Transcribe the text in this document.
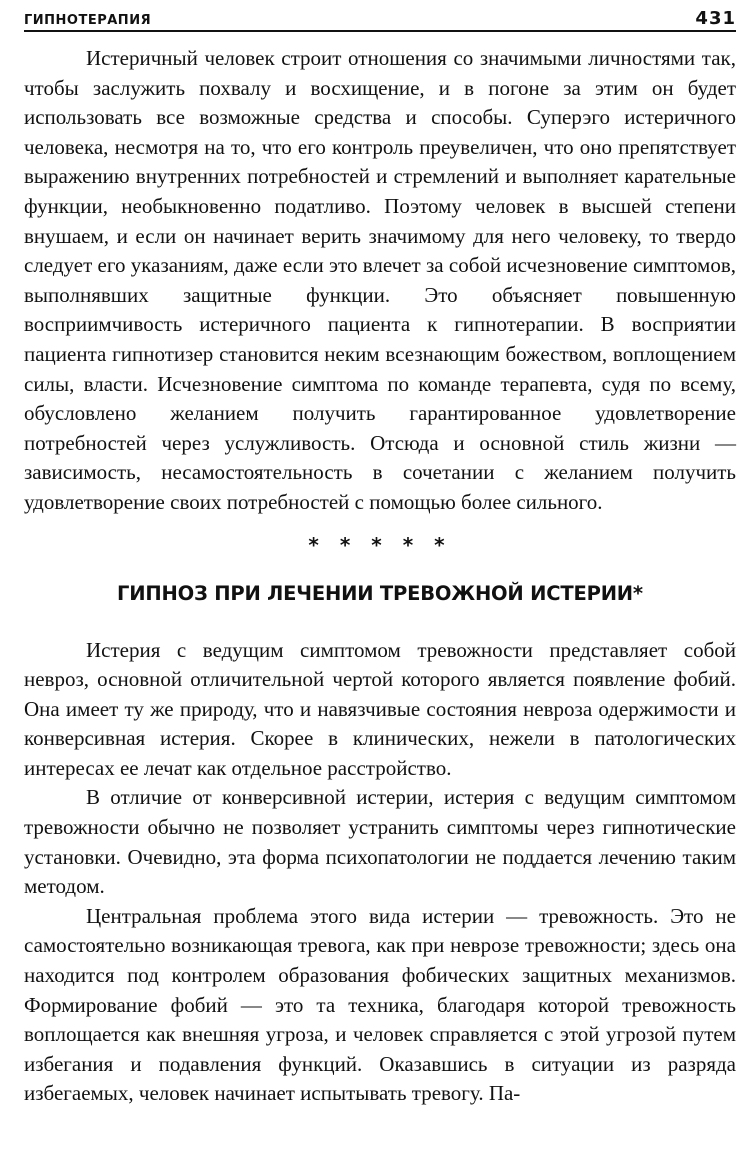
ГИПНОТЕРАПИЯ	431

Истеричный человек строит отношения со значимыми личностями так, чтобы заслужить похвалу и восхищение, и в погоне за этим он будет использовать все возможные средства и способы. Суперэго истеричного человека, несмотря на то, что его контроль преувеличен, что оно препятствует выражению внутренних потребностей и стремлений и выполняет карательные функции, необыкновенно податливо. Поэтому человек в высшей степени внушаем, и если он начинает верить значимому для него человеку, то твердо следует его указаниям, даже если это влечет за собой исчезновение симптомов, выполнявших защитные функции. Это объясняет повышенную восприимчивость истеричного пациента к гипнотерапии. В восприятии пациента гипнотизер становится неким всезнающим божеством, воплощением силы, власти. Исчезновение симптома по команде терапевта, судя по всему, обусловлено желанием получить гарантированное удовлетворение потребностей через услужливость. Отсюда и основной стиль жизни — зависимость, несамостоятельность в сочетании с желанием получить удовлетворение своих потребностей с помощью более сильного.

* * * * *
ГИПНОЗ ПРИ ЛЕЧЕНИИ ТРЕВОЖНОЙ ИСТЕРИИ*

Истерия с ведущим симптомом тревожности представляет собой невроз, основной отличительной чертой которого является появление фобий. Она имеет ту же природу, что и навязчивые состояния невроза одержимости и конверсивная истерия. Скорее в клинических, нежели в патологических интересах ее лечат как отдельное расстройство.

В отличие от конверсивной истерии, истерия с ведущим симптомом тревожности обычно не позволяет устранить симптомы через гипнотические установки. Очевидно, эта форма психопатологии не поддается лечению таким методом.

Центральная проблема этого вида истерии — тревожность. Это не самостоятельно возникающая тревога, как при неврозе тревожности; здесь она находится под контролем образования фобических защитных механизмов. Формирование фобий — это та техника, благодаря которой тревожность воплощается как внешняя угроза, и человек справляется с этой угрозой путем избегания и подавления функций. Оказавшись в ситуации из разряда избегаемых, человек начинает испытывать тревогу. Па-
